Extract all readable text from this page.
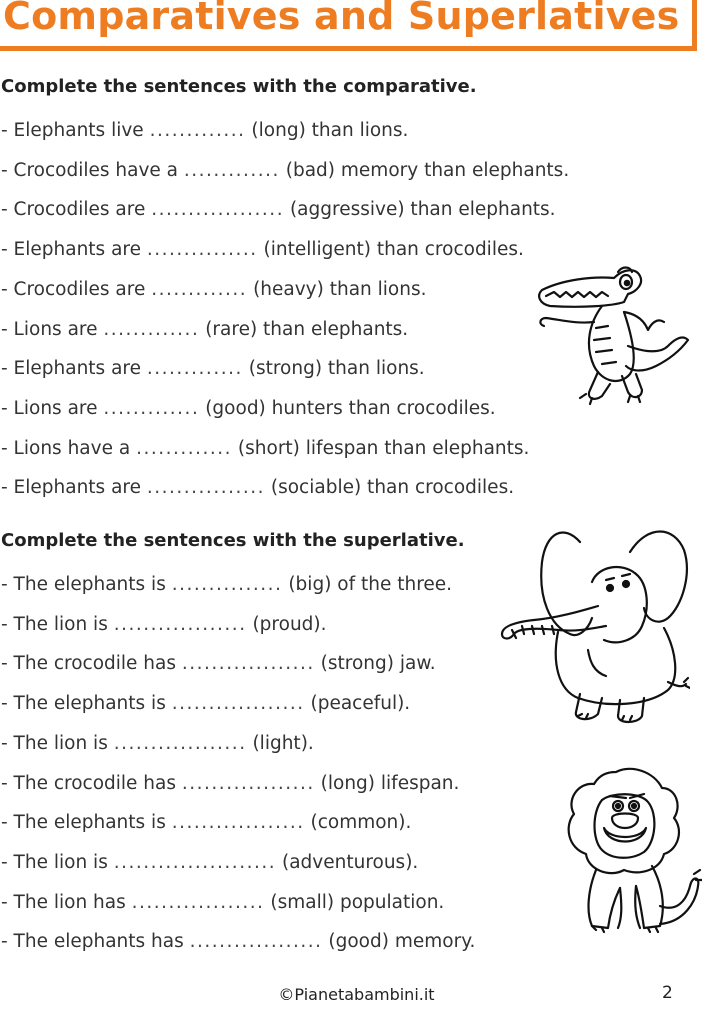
Comparatives and Superlatives
Complete the sentences with the comparative.
- Elephants live ............. (long) than lions.
- Crocodiles have a ............. (bad) memory than elephants.
- Crocodiles are .................. (aggressive) than elephants.
- Elephants are ............... (intelligent) than crocodiles.
- Crocodiles are ............. (heavy) than lions.
- Lions are ............. (rare) than elephants.
- Elephants are ............. (strong) than lions.
- Lions are ............. (good) hunters than crocodiles.
- Lions have a ............. (short) lifespan than elephants.
- Elephants are ................ (sociable) than crocodiles.
Complete the sentences with the superlative.
- The elephants is ............... (big) of the three.
- The lion is .................. (proud).
- The crocodile has .................. (strong) jaw.
- The elephants is .................. (peaceful).
- The lion is .................. (light).
- The crocodile has .................. (long) lifespan.
- The elephants is .................. (common).
- The lion is ...................... (adventurous).
- The lion has .................. (small) population.
- The elephants has .................. (good) memory.
©Pianetabambini.it	2
